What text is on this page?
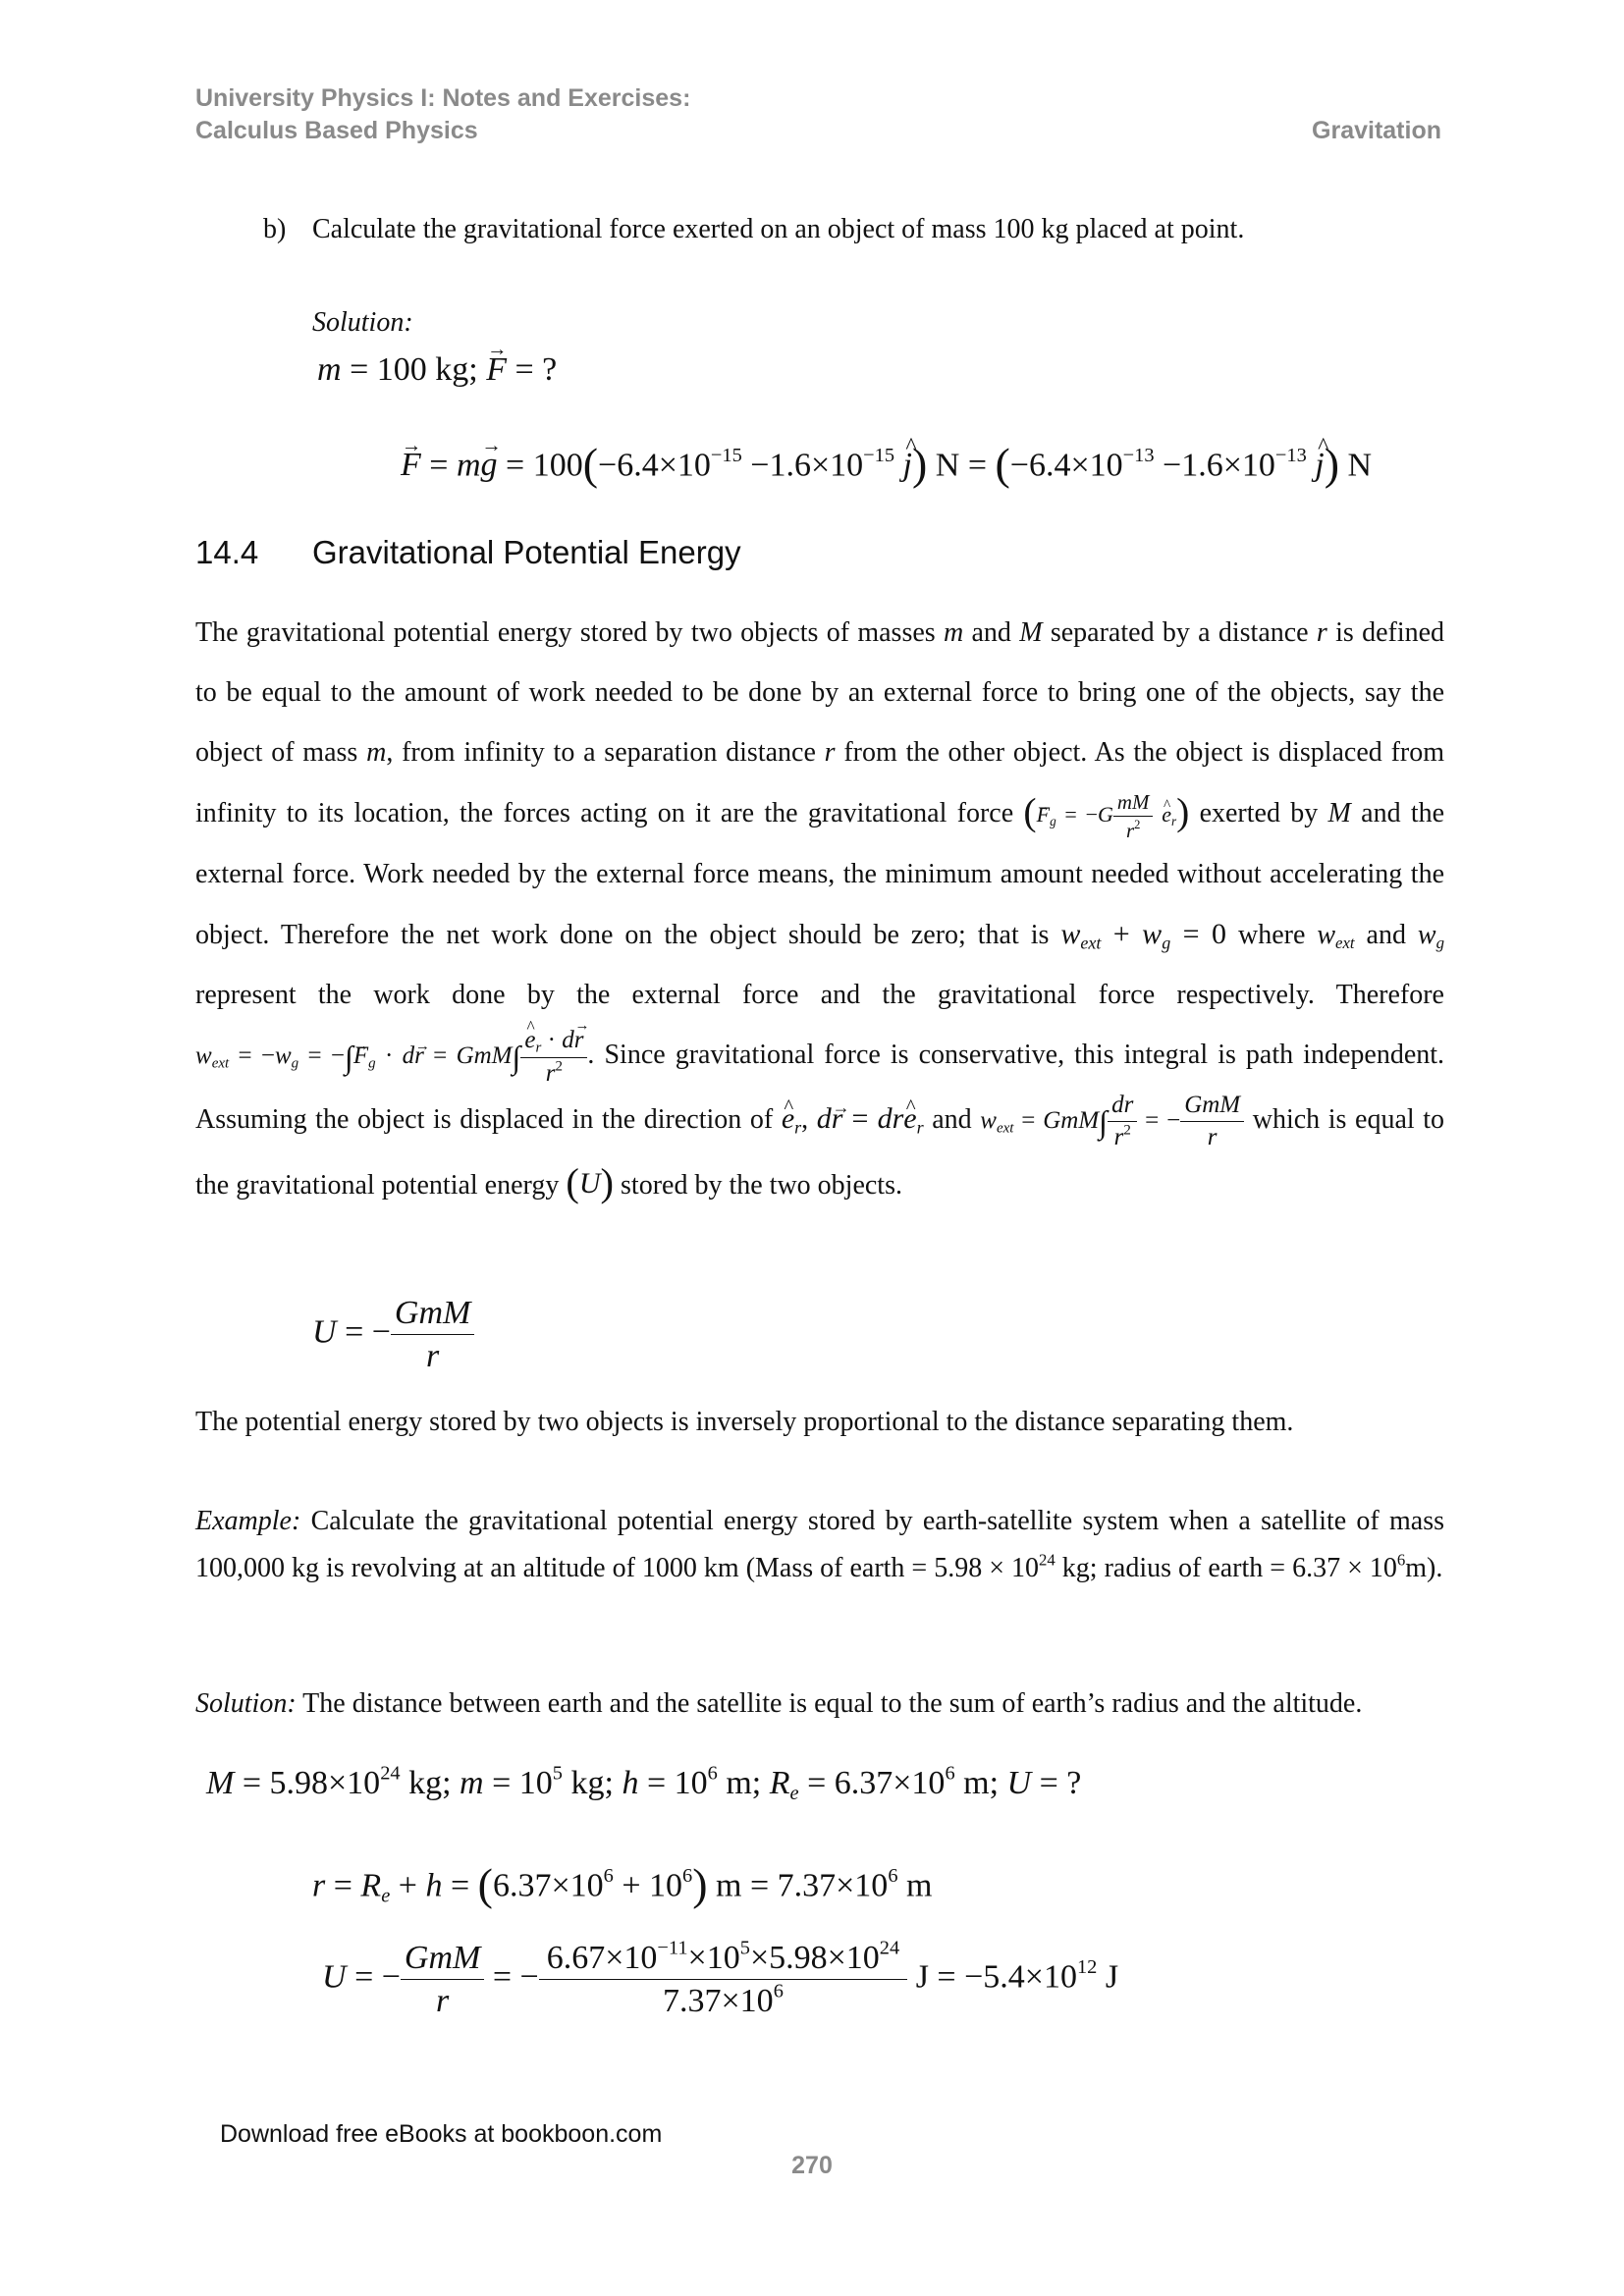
University Physics I: Notes and Exercises:
Calculus Based Physics	Gravitation
b) Calculate the gravitational force exerted on an object of mass 100 kg placed at point.
Solution:
m = 100 kg; → F = ?
→ $F = m\to g = 100(-6.4\times 10^{-15} -1.6\times 10^{-15}$ ^ j) $N = (-6.4\times 10^{-13} -1.6\times 10^{-13}$ ^ j) N
14.4 Gravitational Potential Energy
The gravitational potential energy stored by two objects of masses m and M separated by a distance r is defined to be equal to the amount of work needed to be done by an external force to bring one of the objects, say the object of mass m, from infinity to a separation distance r from the other object. As the object is displaced from infinity to its location, the forces acting on it are the gravitational force (→ $F_g = -G \frac{mM}{r^2}$ ^ $e_r$) exerted by M and the external force. Work needed by the external force means, the minimum amount needed without accelerating the object. Therefore the net work done on the object should be zero; that is $w_{ext} + w_g = 0$ where $w_{ext}$ and $w_g$ represent the work done by the external force and the gravitational force respectively. Therefore $w_{ext} = -w_g$ = −∫→ $F_g \cdot d\to r = GmM\int$ ^ $\frac{e_r \cdot d\to r}{r^2}$ . Since gravitational force is conservative, this integral is path independent. Assuming the object is displaced in the direction of ^ $e_r$, d→ r = dr^ $e_r$ and $w_{ext} = GmM\int \frac{dr}{r^2}$ = − $\frac{\text{GmM}}{r}$ which is equal to the gravitational potential energy (U) stored by the two objects.
U = − $\frac{\text{GmM}}{r}$
The potential energy stored by two objects is inversely proportional to the distance separating them.
Example: Calculate the gravitational potential energy stored by earth-satellite system when a satellite of mass 100,000 kg is revolving at an altitude of 1000 km (Mass of earth = $5.98 \times 10^{24}$ kg; radius of earth = $6.37 \times 10^6m$).
Solution: The distance between earth and the satellite is equal to the sum of earth’s radius and the altitude.
$M = 5.98\times 10^{24}$ kg; $m = 10^5$ kg; $h = 10^6$ m; $R_e = 6.37\times 10^6$ m; U = ?
$r = R_e + h = (6.37\times 10^6 + 10^6) m = 7.37\times 10^6$ m
U = − $\frac{\text{GmM}}{r}$ = − $\frac{6.67\times 10^{-11}\times 10^5\times 5.98\times 10^{24}}{7.37\times 10^6}$ $J = -5.4\times 10^{12}$ J
Download free eBooks at bookboon.com
270
